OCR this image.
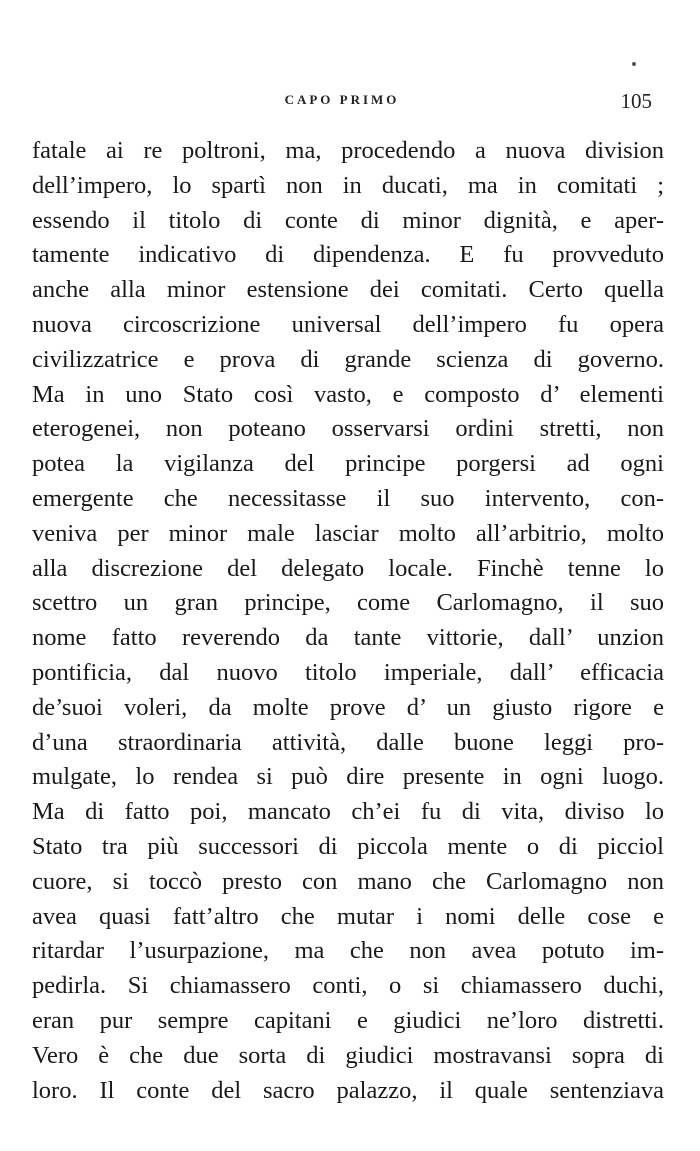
CAPO PRIMO	105
fatale ai re poltroni, ma, procedendo a nuova division
dell’impero, lo spartì non in ducati, ma in comitati ;
essendo il titolo di conte di minor dignità, e aper-
tamente indicativo di dipendenza. E fu provveduto
anche alla minor estensione dei comitati. Certo quella
nuova circoscrizione universal dell’impero fu opera
civilizzatrice e prova di grande scienza di governo.
Ma in uno Stato così vasto, e composto d’ elementi
eterogenei, non poteano osservarsi ordini stretti, non
potea la vigilanza del principe porgersi ad ogni
emergente che necessitasse il suo intervento, con-
veniva per minor male lasciar molto all’arbitrio, molto
alla discrezione del delegato locale. Finchè tenne lo
scettro un gran principe, come Carlomagno, il suo
nome fatto reverendo da tante vittorie, dall’ unzion
pontificia, dal nuovo titolo imperiale, dall’ efficacia
de’suoi voleri, da molte prove d’ un giusto rigore e
d’una straordinaria attività, dalle buone leggi pro-
mulgate, lo rendea si può dire presente in ogni luogo.
Ma di fatto poi, mancato ch’ei fu di vita, diviso lo
Stato tra più successori di piccola mente o di picciol
cuore, si toccò presto con mano che Carlomagno non
avea quasi fatt’altro che mutar i nomi delle cose e
ritardar l’usurpazione, ma che non avea potuto im-
pedirla. Si chiamassero conti, o si chiamassero duchi,
eran pur sempre capitani e giudici ne’loro distretti.
Vero è che due sorta di giudici mostravansi sopra di
loro. Il conte del sacro palazzo, il quale sentenziava
